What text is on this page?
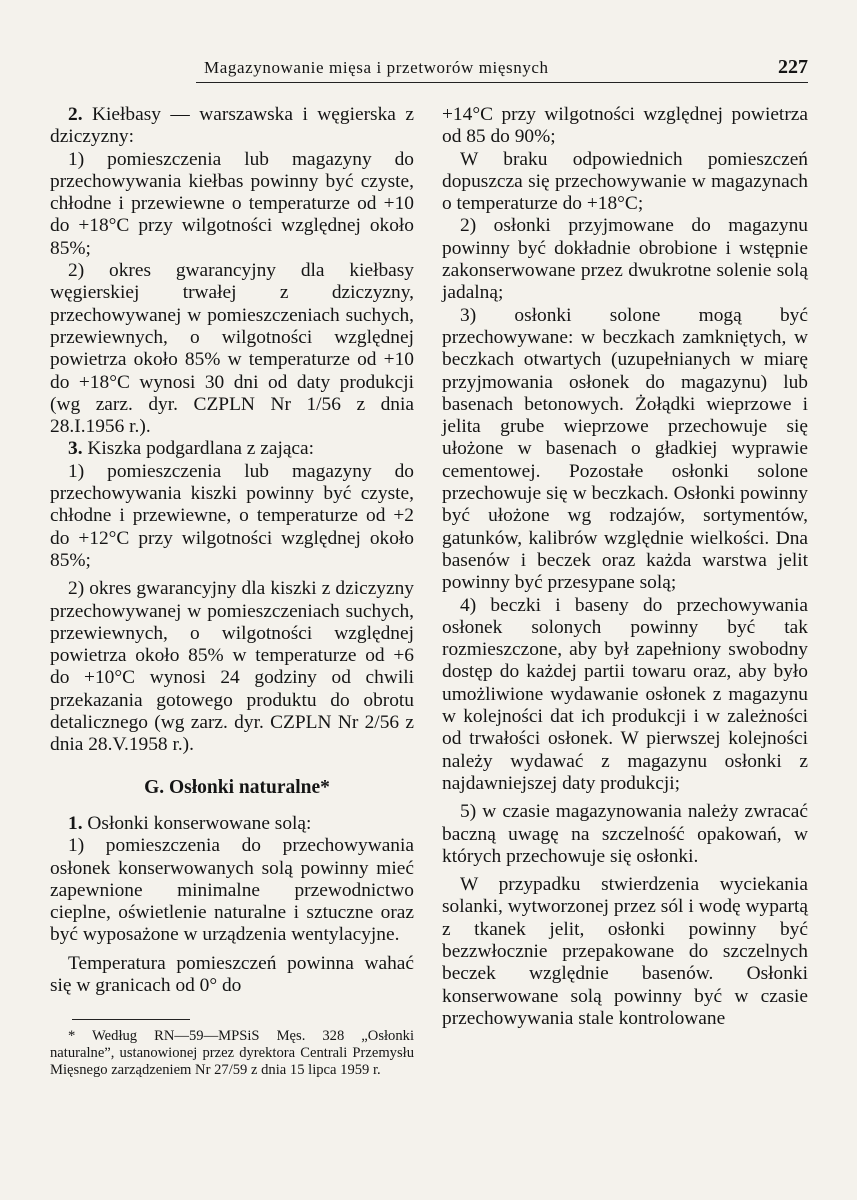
Magazynowanie mięsa i przetworów mięsnych	227

2. Kiełbasy — warszawska i węgierska z dziczyzny:

1) pomieszczenia lub magazyny do przechowywania kiełbas powinny być czyste, chłodne i przewiewne o temperaturze od +10 do +18°C przy wilgotności względnej około 85%;

2) okres gwarancyjny dla kiełbasy węgierskiej trwałej z dziczyzny, przechowywanej w pomieszczeniach suchych, przewiewnych, o wilgotności względnej powietrza około 85% w temperaturze od +10 do +18°C wynosi 30 dni od daty produkcji (wg zarz. dyr. CZPLN Nr 1/56 z dnia 28.I.1956 r.).

3. Kiszka podgardlana z zająca:

1) pomieszczenia lub magazyny do przechowywania kiszki powinny być czyste, chłodne i przewiewne, o temperaturze od +2 do +12°C przy wilgotności względnej około 85%;

2) okres gwarancyjny dla kiszki z dziczyzny przechowywanej w pomieszczeniach suchych, przewiewnych, o wilgotności względnej powietrza około 85% w temperaturze od +6 do +10°C wynosi 24 godziny od chwili przekazania gotowego produktu do obrotu detalicznego (wg zarz. dyr. CZPLN Nr 2/56 z dnia 28.V.1958 r.).

G. Osłonki naturalne*

1. Osłonki konserwowane solą:

1) pomieszczenia do przechowywania osłonek konserwowanych solą powinny mieć zapewnione minimalne przewodnictwo cieplne, oświetlenie naturalne i sztuczne oraz być wyposażone w urządzenia wentylacyjne.

Temperatura pomieszczeń powinna wahać się w granicach od 0° do

* Według RN—59—MPSiS Męs. 328 „Osłonki naturalne”, ustanowionej przez dyrektora Centrali Przemysłu Mięsnego zarządzeniem Nr 27/59 z dnia 15 lipca 1959 r.

+14°C przy wilgotności względnej powietrza od 85 do 90%;

W braku odpowiednich pomieszczeń dopuszcza się przechowywanie w magazynach o temperaturze do +18°C;

2) osłonki przyjmowane do magazynu powinny być dokładnie obrobione i wstępnie zakonserwowane przez dwukrotne solenie solą jadalną;

3) osłonki solone mogą być przechowywane: w beczkach zamkniętych, w beczkach otwartych (uzupełnianych w miarę przyjmowania osłonek do magazynu) lub basenach betonowych. Żołądki wieprzowe i jelita grube wieprzowe przechowuje się ułożone w basenach o gładkiej wyprawie cementowej. Pozostałe osłonki solone przechowuje się w beczkach. Osłonki powinny być ułożone wg rodzajów, sortymentów, gatunków, kalibrów względnie wielkości. Dna basenów i beczek oraz każda warstwa jelit powinny być przesypane solą;

4) beczki i baseny do przechowywania osłonek solonych powinny być tak rozmieszczone, aby był zapełniony swobodny dostęp do każdej partii towaru oraz, aby było umożliwione wydawanie osłonek z magazynu w kolejności dat ich produkcji i w zależności od trwałości osłonek. W pierwszej kolejności należy wydawać z magazynu osłonki z najdawniejszej daty produkcji;

5) w czasie magazynowania należy zwracać baczną uwagę na szczelność opakowań, w których przechowuje się osłonki.

W przypadku stwierdzenia wyciekania solanki, wytworzonej przez sól i wodę wypartą z tkanek jelit, osłonki powinny być bezzwłocznie przepakowane do szczelnych beczek względnie basenów. Osłonki konserwowane solą powinny być w czasie przechowywania stale kontrolowane
